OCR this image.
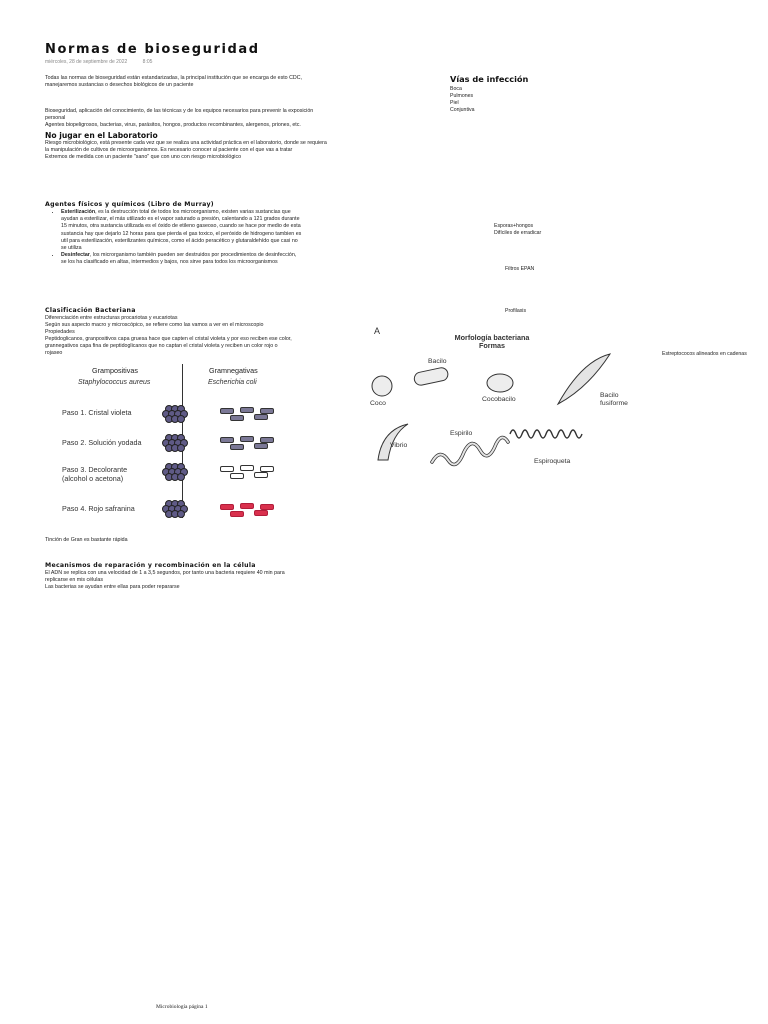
Normas de bioseguridad
miércoles, 28 de septiembre de 2022	8:05
Todas las normas de bioseguridad están estandarizadas, la principal institución que se encarga de esto CDC,
manejaremos sustancias o desechos biológicos de un paciente
Vías de infección
Boca
Pulmones
Piel
Conjuntiva
Bioseguridad, aplicación del conocimiento, de las técnicas y de los equipos necesarios para prevenir la exposición
personal
Agentes biopeligrosos, bacterias, virus, parásitos, hongos, productos recombinantes, alergenos, priones, etc.
No jugar en el Laboratorio
Riesgo microbiológico, está presente cada vez que se realiza una actividad práctica en el laboratorio, donde se requiera
la manipulación de cultivos de microorganismos. Es necesario conocer al paciente con el que vas a tratar
Extremos de medida con un paciente "sano" que con uno con riesgo microbiológico
Agentes físicos y químicos (Libro de Murray)
• Esterilización, es la destrucción total de todos los microorganismo, existen varias sustancias que
ayudan a esterilizar, el más utilizado es el vapor saturado a presión, calentando a 121 grados durante
15 minutos, otra sustancia utilizada es el óxido de etileno gaseoso, cuando se hace por medio de esta
sustancia hay que dejarlo 12 horas para que pierda el gas toxico, el peróxido de hidrogeno tambien es
util para esterilización, esterilizantes químicos, como el ácido peracético y glutaraldehído que casi no
se utiliza
• Desinfectar, los microrganismo también pueden ser destruidos por procedimientos de desinfección,
se los ha clasificado en altas, intermedios y bajos, nos sirve para todos los microorganismos
Esporas+hongos
Difíciles de erradicar
Filtros EPAN
Profilaxis
Estreptococos alineados en cadenas
Clasificación Bacteriana
Diferenciación entre estructuras procariotas y eucariotas
Según sus aspecto macro y microscópico, se refiere como las vamos a ver en el microscopio
Propiedades
Peptidoglicanos, granpositivos capa gruesa hace que capten el cristal violeta y por eso reciben ese color,
grannegativos capa fina de peptidoglicanos que no captan el cristal violeta y reciben un color rojo o
rojaseo
Grampositivas
Staphylococcus aureus
Gramnegativas
Escherichia coli
Paso 1. Cristal violeta
Paso 2. Solución yodada
Paso 3. Decolorante
(alcohol o acetona)
Paso 4. Rojo safranina
Tinción de Gran es bastante rápida
A
Morfología bacteriana
Formas
Coco
Bacilo
Cocobacilo
Bacilo
fusiforme
Vibrio
Espirilo
Espiroqueta
Mecanismos de reparación y recombinación en la célula
El ADN se replica con una velocidad de 1 a 3,5 segundos, por tanto una bacteria requiere 40 min para
replicarse en mis células
Las bacterias se ayudan entre ellas para poder repararse
Microbiología página 1
